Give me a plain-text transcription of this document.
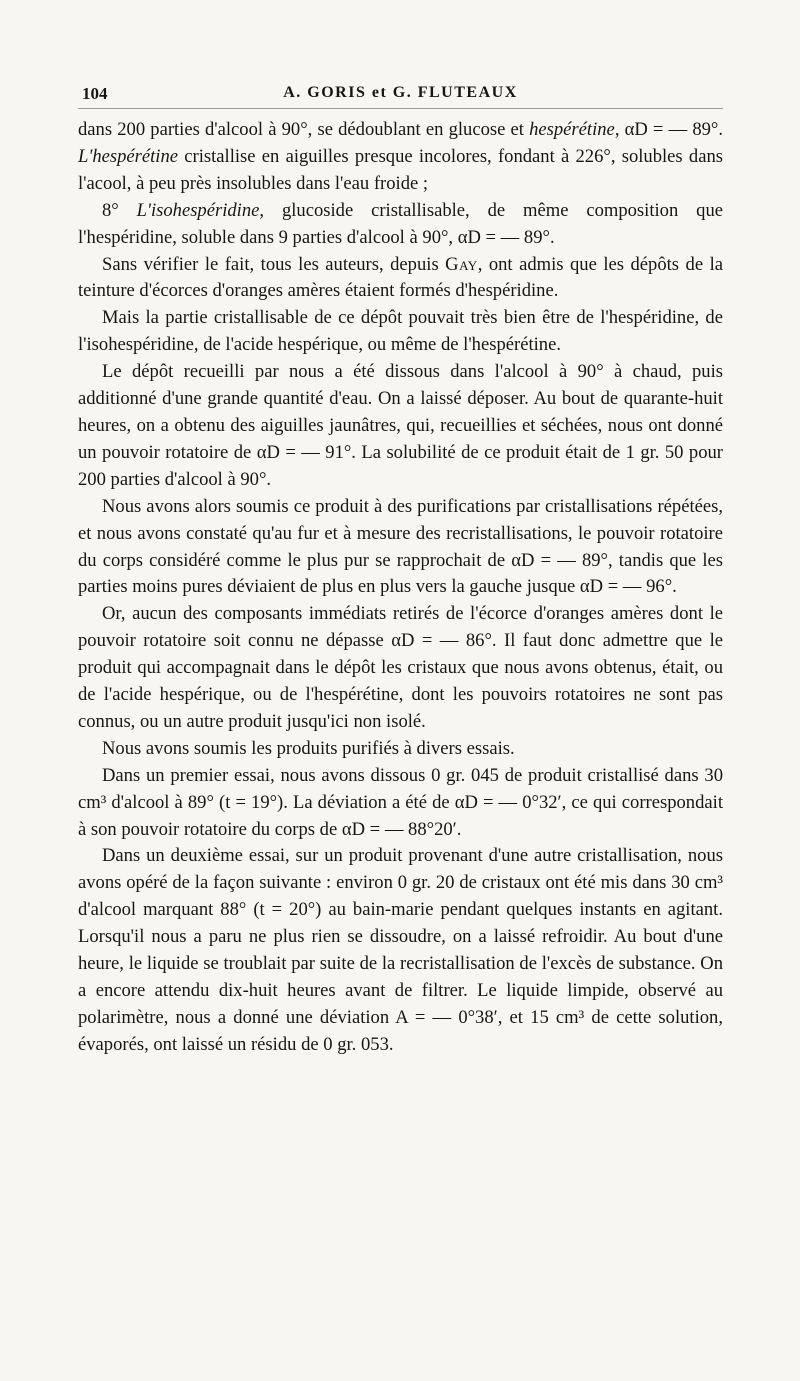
104	A. GORIS et G. FLUTEAUX

dans 200 parties d'alcool à 90°, se dédoublant en glucose et hespérétine, αD = — 89°. L'hespérétine cristallise en aiguilles presque incolores, fondant à 226°, solubles dans l'acool, à peu près insolubles dans l'eau froide ;

8° L'isohespéridine, glucoside cristallisable, de même composition que l'hespéridine, soluble dans 9 parties d'alcool à 90°, αD = — 89°.

Sans vérifier le fait, tous les auteurs, depuis Gay, ont admis que les dépôts de la teinture d'écorces d'oranges amères étaient formés d'hespéridine.

Mais la partie cristallisable de ce dépôt pouvait très bien être de l'hespéridine, de l'isohespéridine, de l'acide hespérique, ou même de l'hespérétine.

Le dépôt recueilli par nous a été dissous dans l'alcool à 90° à chaud, puis additionné d'une grande quantité d'eau. On a laissé déposer. Au bout de quarante-huit heures, on a obtenu des aiguilles jaunâtres, qui, recueillies et séchées, nous ont donné un pouvoir rotatoire de αD = — 91°. La solubilité de ce produit était de 1 gr. 50 pour 200 parties d'alcool à 90°.

Nous avons alors soumis ce produit à des purifications par cristallisations répétées, et nous avons constaté qu'au fur et à mesure des recristallisations, le pouvoir rotatoire du corps considéré comme le plus pur se rapprochait de αD = — 89°, tandis que les parties moins pures déviaient de plus en plus vers la gauche jusque αD = — 96°.

Or, aucun des composants immédiats retirés de l'écorce d'oranges amères dont le pouvoir rotatoire soit connu ne dépasse αD = — 86°. Il faut donc admettre que le produit qui accompagnait dans le dépôt les cristaux que nous avons obtenus, était, ou de l'acide hespérique, ou de l'hespérétine, dont les pouvoirs rotatoires ne sont pas connus, ou un autre produit jusqu'ici non isolé.

Nous avons soumis les produits purifiés à divers essais.

Dans un premier essai, nous avons dissous 0 gr. 045 de produit cristallisé dans 30 cm³ d'alcool à 89° (t = 19°). La déviation a été de αD = — 0°32′, ce qui correspondait à son pouvoir rotatoire du corps de αD = — 88°20′.

Dans un deuxième essai, sur un produit provenant d'une autre cristallisation, nous avons opéré de la façon suivante : environ 0 gr. 20 de cristaux ont été mis dans 30 cm³ d'alcool marquant 88° (t = 20°) au bain-marie pendant quelques instants en agitant. Lorsqu'il nous a paru ne plus rien se dissoudre, on a laissé refroidir. Au bout d'une heure, le liquide se troublait par suite de la recristallisation de l'excès de substance. On a encore attendu dix-huit heures avant de filtrer. Le liquide limpide, observé au polarimètre, nous a donné une déviation A = — 0°38′, et 15 cm³ de cette solution, évaporés, ont laissé un résidu de 0 gr. 053.
